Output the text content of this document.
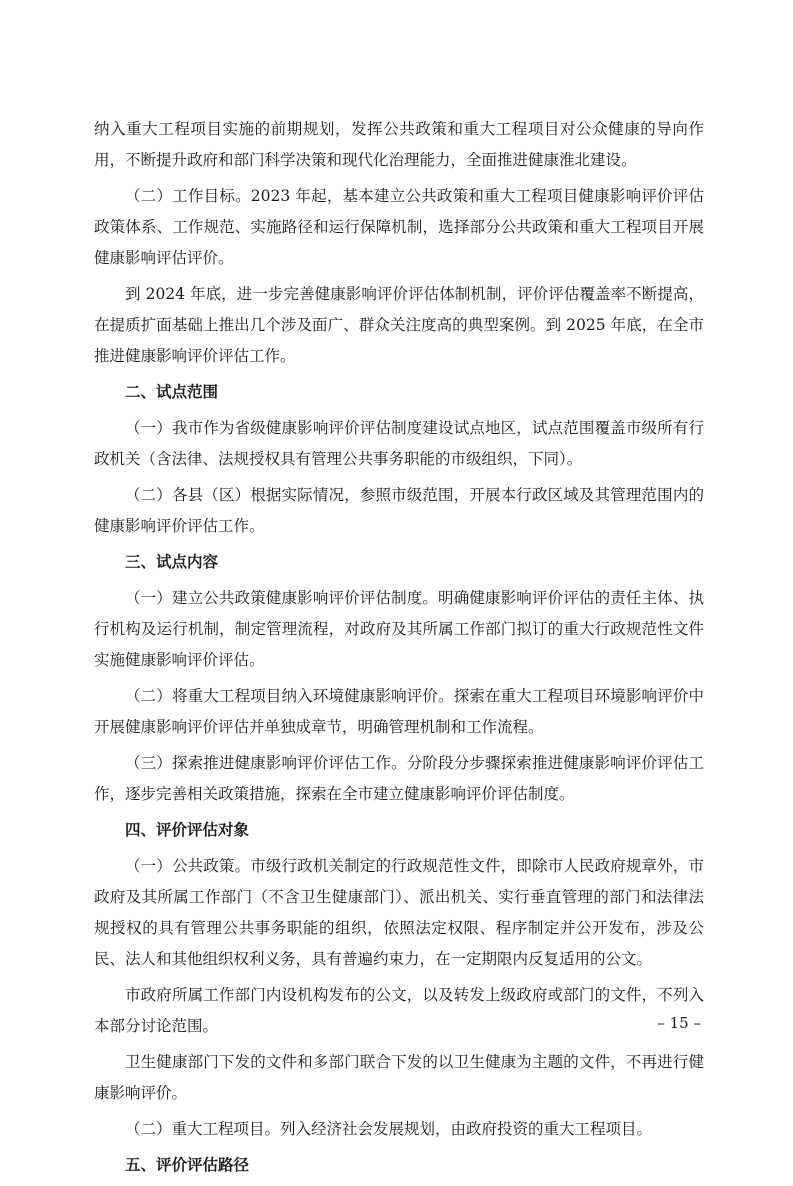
纳入重大工程项目实施的前期规划，发挥公共政策和重大工程项目对公众健康的导向作用，不断提升政府和部门科学决策和现代化治理能力，全面推进健康淮北建设。

（二）工作目标。2023 年起，基本建立公共政策和重大工程项目健康影响评价评估政策体系、工作规范、实施路径和运行保障机制，选择部分公共政策和重大工程项目开展健康影响评估评价。

到 2024 年底，进一步完善健康影响评价评估体制机制，评价评估覆盖率不断提高，在提质扩面基础上推出几个涉及面广、群众关注度高的典型案例。到 2025 年底，在全市推进健康影响评价评估工作。

二、试点范围

（一）我市作为省级健康影响评价评估制度建设试点地区，试点范围覆盖市级所有行政机关（含法律、法规授权具有管理公共事务职能的市级组织，下同）。

（二）各县（区）根据实际情况，参照市级范围，开展本行政区域及其管理范围内的健康影响评价评估工作。

三、试点内容

（一）建立公共政策健康影响评价评估制度。明确健康影响评价评估的责任主体、执行机构及运行机制，制定管理流程，对政府及其所属工作部门拟订的重大行政规范性文件实施健康影响评价评估。

（二）将重大工程项目纳入环境健康影响评价。探索在重大工程项目环境影响评价中开展健康影响评价评估并单独成章节，明确管理机制和工作流程。

（三）探索推进健康影响评价评估工作。分阶段分步骤探索推进健康影响评价评估工作，逐步完善相关政策措施，探索在全市建立健康影响评价评估制度。

四、评价评估对象

（一）公共政策。市级行政机关制定的行政规范性文件，即除市人民政府规章外，市政府及其所属工作部门（不含卫生健康部门）、派出机关、实行垂直管理的部门和法律法规授权的具有管理公共事务职能的组织，依照法定权限、程序制定并公开发布，涉及公民、法人和其他组织权利义务，具有普遍约束力，在一定期限内反复适用的公文。

市政府所属工作部门内设机构发布的公文，以及转发上级政府或部门的文件，不列入本部分讨论范围。

卫生健康部门下发的文件和多部门联合下发的以卫生健康为主题的文件，不再进行健康影响评价。

（二）重大工程项目。列入经济社会发展规划，由政府投资的重大工程项目。

五、评价评估路径

– 15 –
